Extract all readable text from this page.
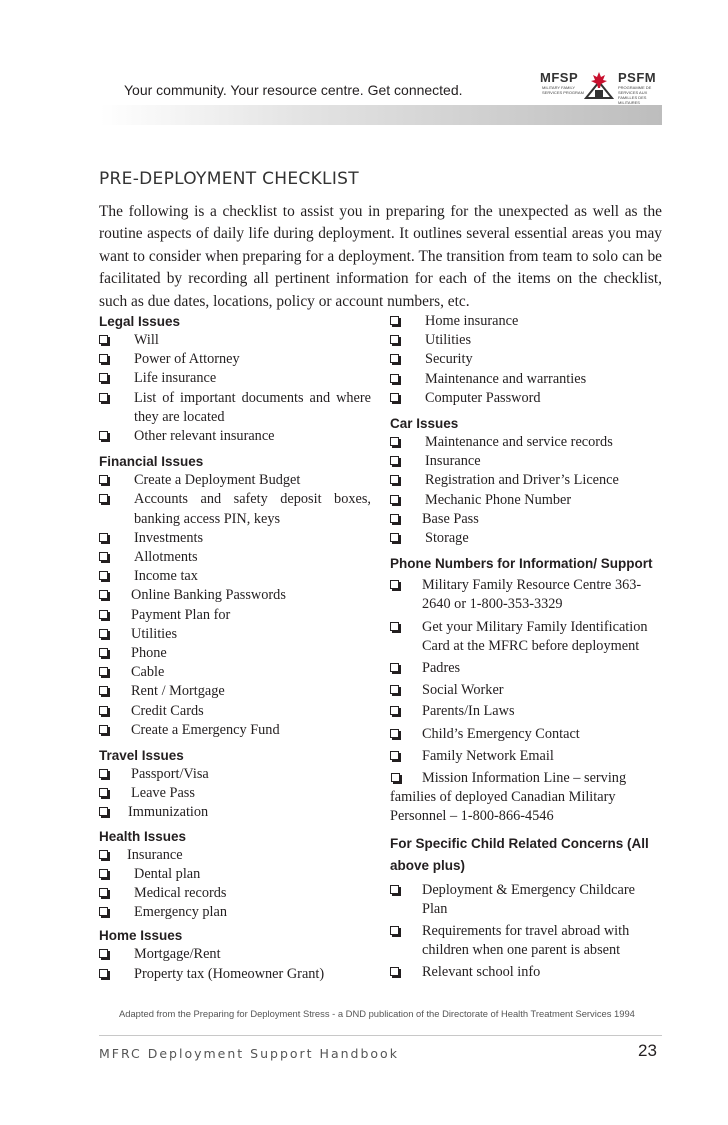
Your community. Your resource centre. Get connected.
MFSP
MILITARY FAMILY SERVICES PROGRAM
PSFM
PROGRAMME DE SERVICES AUX FAMILLES DES MILITAIRES
PRE-DEPLOYMENT CHECKLIST
The following is a checklist to assist you in preparing for the unexpected as well as the routine aspects of daily life during deployment. It outlines several essential areas you may want to consider when preparing for a deployment. The transition from team to solo can be facilitated by recording all pertinent information for each of the items on the checklist, such as due dates, locations, policy or account numbers, etc.
Legal Issues
Will
Power of Attorney
Life insurance
List of important documents and where they are located
Other relevant insurance
Financial Issues
Create a Deployment Budget
Accounts and safety deposit boxes, banking access PIN, keys
Investments
Allotments
Income tax
Online Banking Passwords
Payment Plan for
Utilities
Phone
Cable
Rent / Mortgage
Credit Cards
Create a Emergency Fund
Travel Issues
Passport/Visa
Leave Pass
Immunization
Health Issues
Insurance
Dental plan
Medical records
Emergency plan
Home Issues
Mortgage/Rent
Property tax (Homeowner Grant)
Home insurance
Utilities
Security
Maintenance and warranties
Computer Password
Car Issues
Maintenance and service records
Insurance
Registration and Driver’s Licence
Mechanic Phone Number
Base Pass
Storage
Phone Numbers for Information/ Support
Military Family Resource Centre 363-2640 or 1-800-353-3329
Get your Military Family Identification Card at the MFRC before deployment
Padres
Social Worker
Parents/In Laws
Child’s Emergency Contact
Family Network Email
Mission Information Line – serving families of deployed Canadian Military Personnel – 1-800-866-4546
For Specific Child Related Concerns (All above plus)
Deployment & Emergency Childcare Plan
Requirements for travel abroad with children when one parent is absent
Relevant school info
Adapted from the Preparing for Deployment Stress - a DND publication of the Directorate of Health Treatment Services 1994
MFRC Deployment Support Handbook	23
